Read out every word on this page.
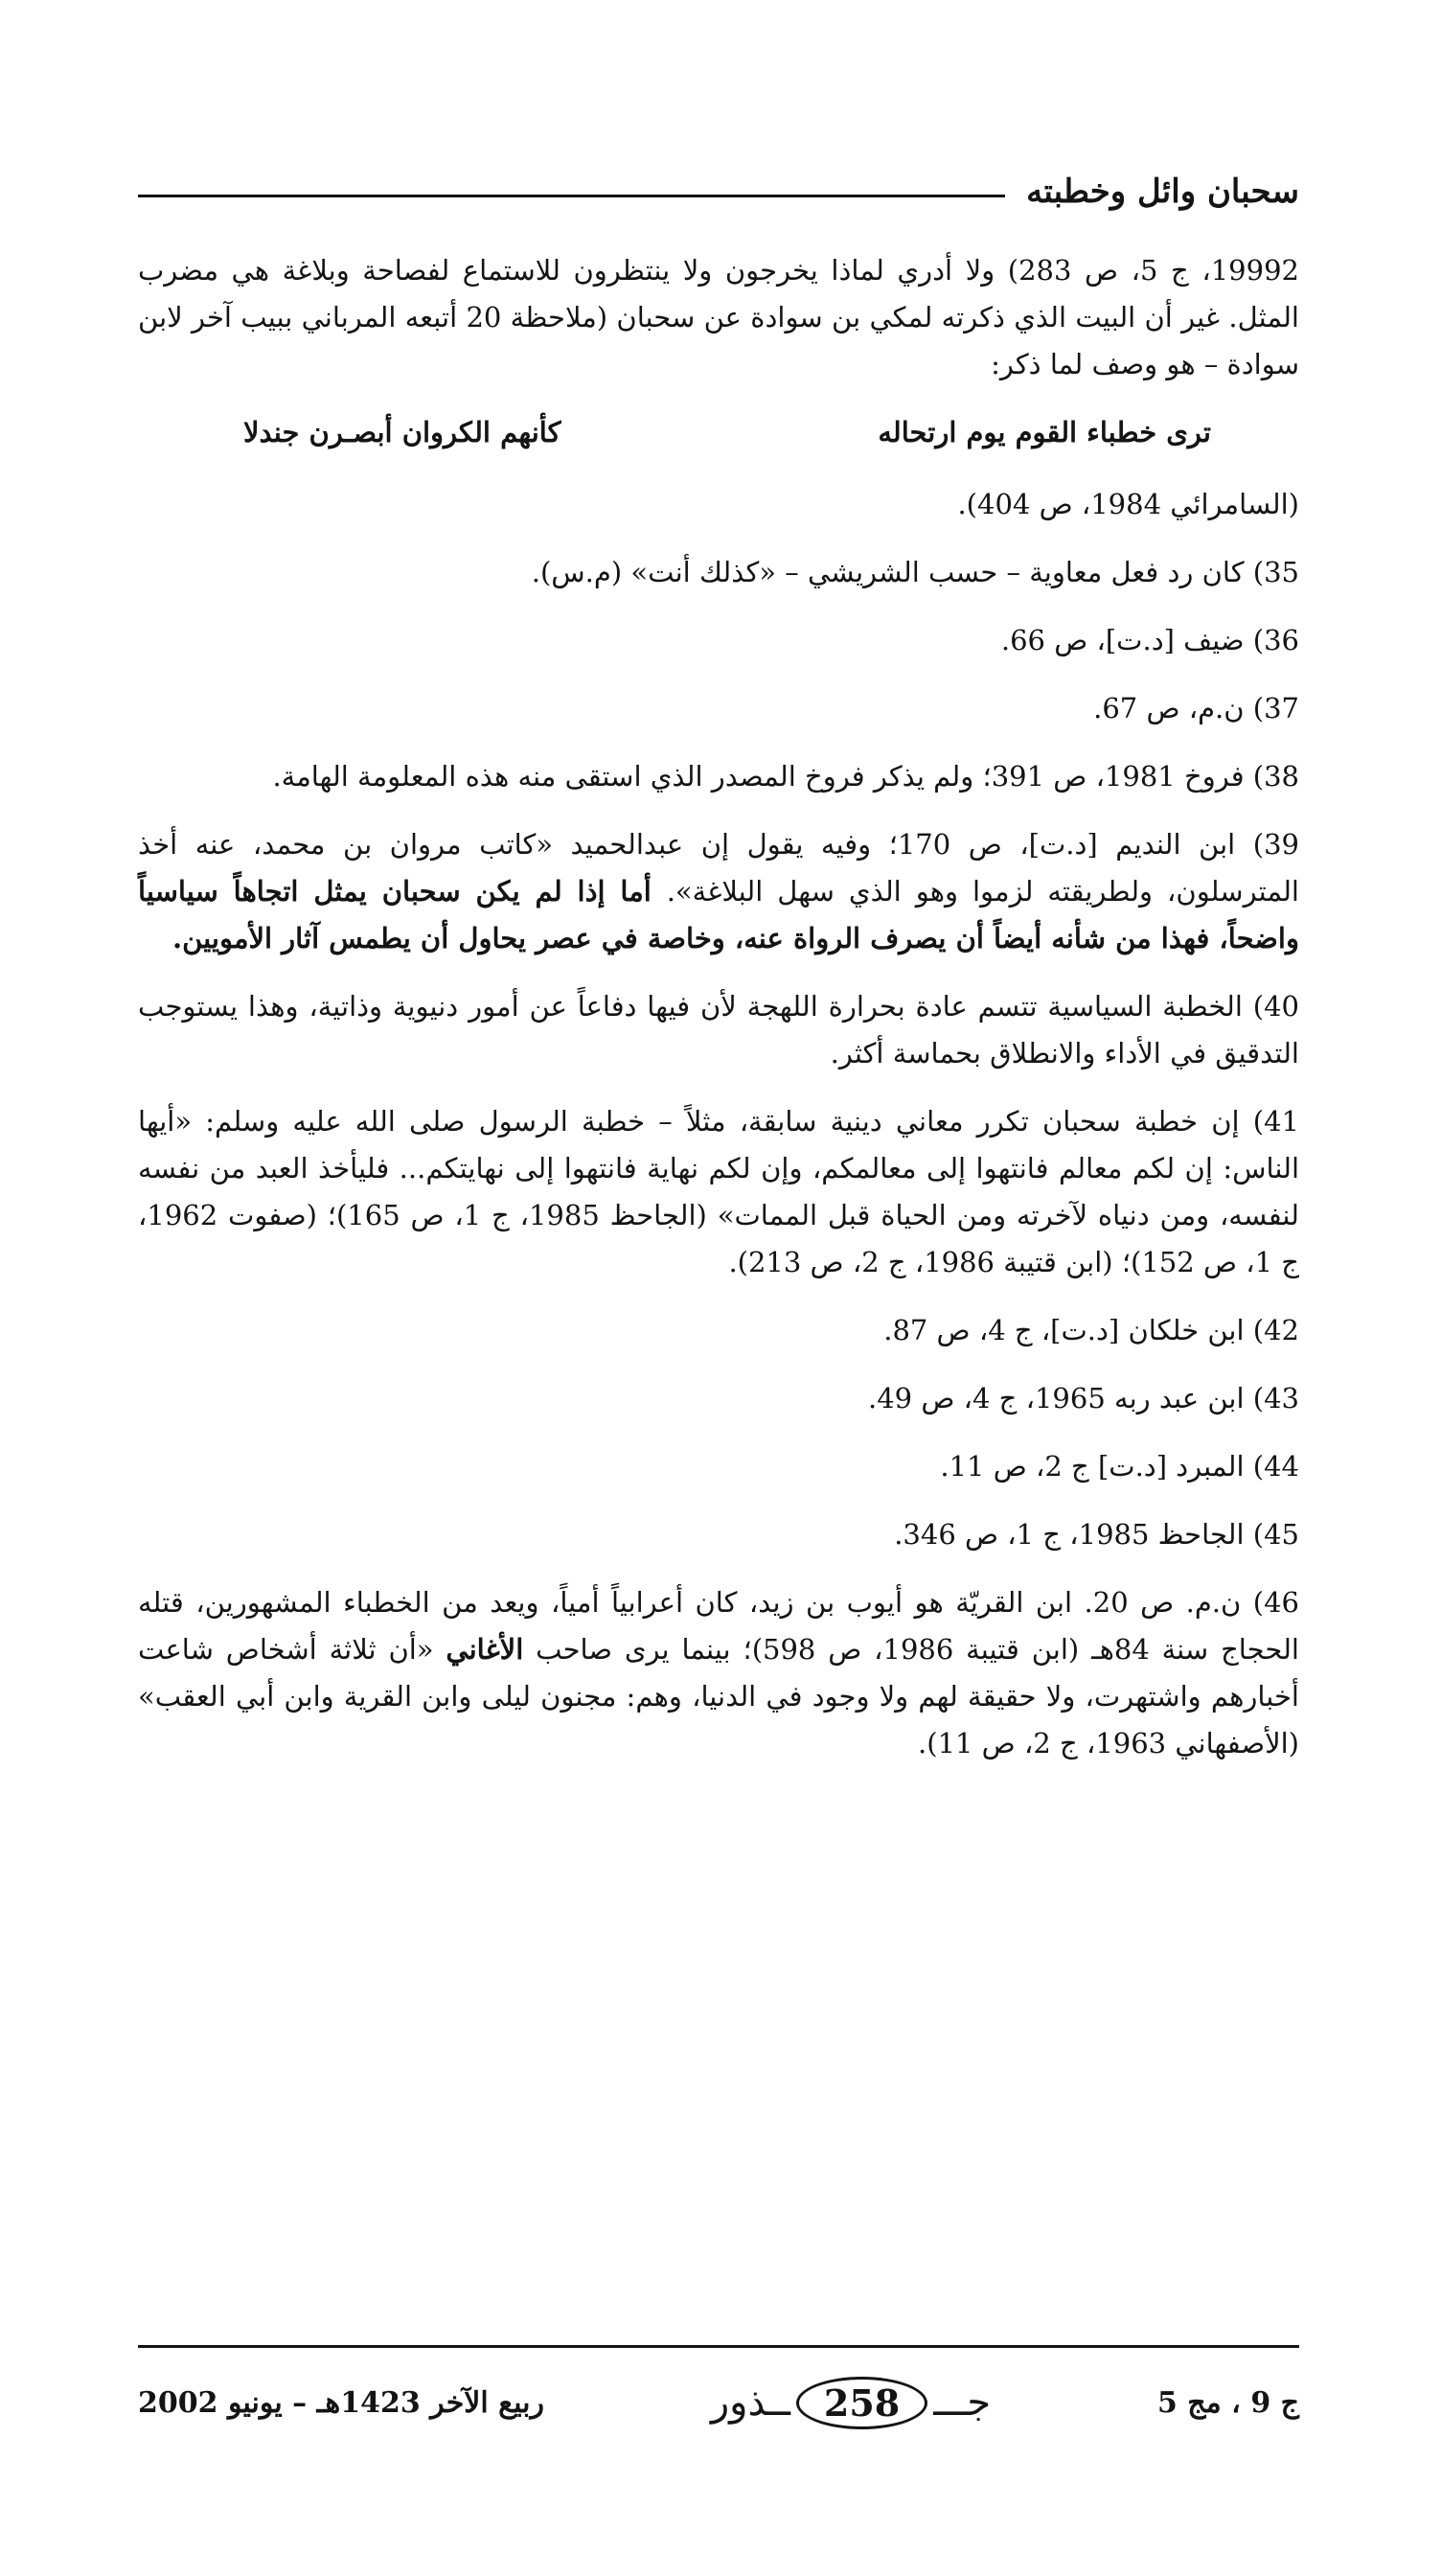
سحبان وائل وخطبته

19992، ج 5، ص 283) ولا أدري لماذا يخرجون ولا ينتظرون للاستماع لفصاحة وبلاغة هي مضرب المثل. غير أن البيت الذي ذكرته لمكي بن سوادة عن سحبان (ملاحظة 20 أتبعه المرباني ببيب آخر لابن سوادة – هو وصف لما ذكر:

ترى خطباء القوم يوم ارتحاله
كأنهم الكروان أبصـرن جندلا

(السامرائي 1984، ص 404).

35) كان رد فعل معاوية – حسب الشريشي – «كذلك أنت» (م.س).

36) ضيف [د.ت]، ص 66.

37) ن.م، ص 67.

38) فروخ 1981، ص 391؛ ولم يذكر فروخ المصدر الذي استقى منه هذه المعلومة الهامة.

39) ابن النديم [د.ت]، ص 170؛ وفيه يقول إن عبدالحميد «كاتب مروان بن محمد، عنه أخذ المترسلون، ولطريقته لزموا وهو الذي سهل البلاغة». أما إذا لم يكن سحبان يمثل اتجاهاً سياسياً واضحاً، فهذا من شأنه أيضاً أن يصرف الرواة عنه، وخاصة في عصر يحاول أن يطمس آثار الأمويين.

40) الخطبة السياسية تتسم عادة بحرارة اللهجة لأن فيها دفاعاً عن أمور دنيوية وذاتية، وهذا يستوجب التدقيق في الأداء والانطلاق بحماسة أكثر.

41) إن خطبة سحبان تكرر معاني دينية سابقة، مثلاً – خطبة الرسول صلى الله عليه وسلم: «أيها الناس: إن لكم معالم فانتهوا إلى معالمكم، وإن لكم نهاية فانتهوا إلى نهايتكم... فليأخذ العبد من نفسه لنفسه، ومن دنياه لآخرته ومن الحياة قبل الممات» (الجاحظ 1985، ج 1، ص 165)؛ (صفوت 1962، ج 1، ص 152)؛ (ابن قتيبة 1986، ج 2، ص 213).

42) ابن خلكان [د.ت]، ج 4، ص 87.

43) ابن عبد ربه 1965، ج 4، ص 49.

44) المبرد [د.ت] ج 2، ص 11.

45) الجاحظ 1985، ج 1، ص 346.

46) ن.م. ص 20. ابن القريّة هو أيوب بن زيد، كان أعرابياً أمياً، ويعد من الخطباء المشهورين، قتله الحجاج سنة 84هـ (ابن قتيبة 1986، ص 598)؛ بينما يرى صاحب الأغاني «أن ثلاثة أشخاص شاعت أخبارهم واشتهرت، ولا حقيقة لهم ولا وجود في الدنيا، وهم: مجنون ليلى وابن القرية وابن أبي العقب» (الأصفهاني 1963، ج 2، ص 11).

ج 9 ، مج 5
جـــ
258
ــذور
ربيع الآخر 1423هـ – يونيو 2002
